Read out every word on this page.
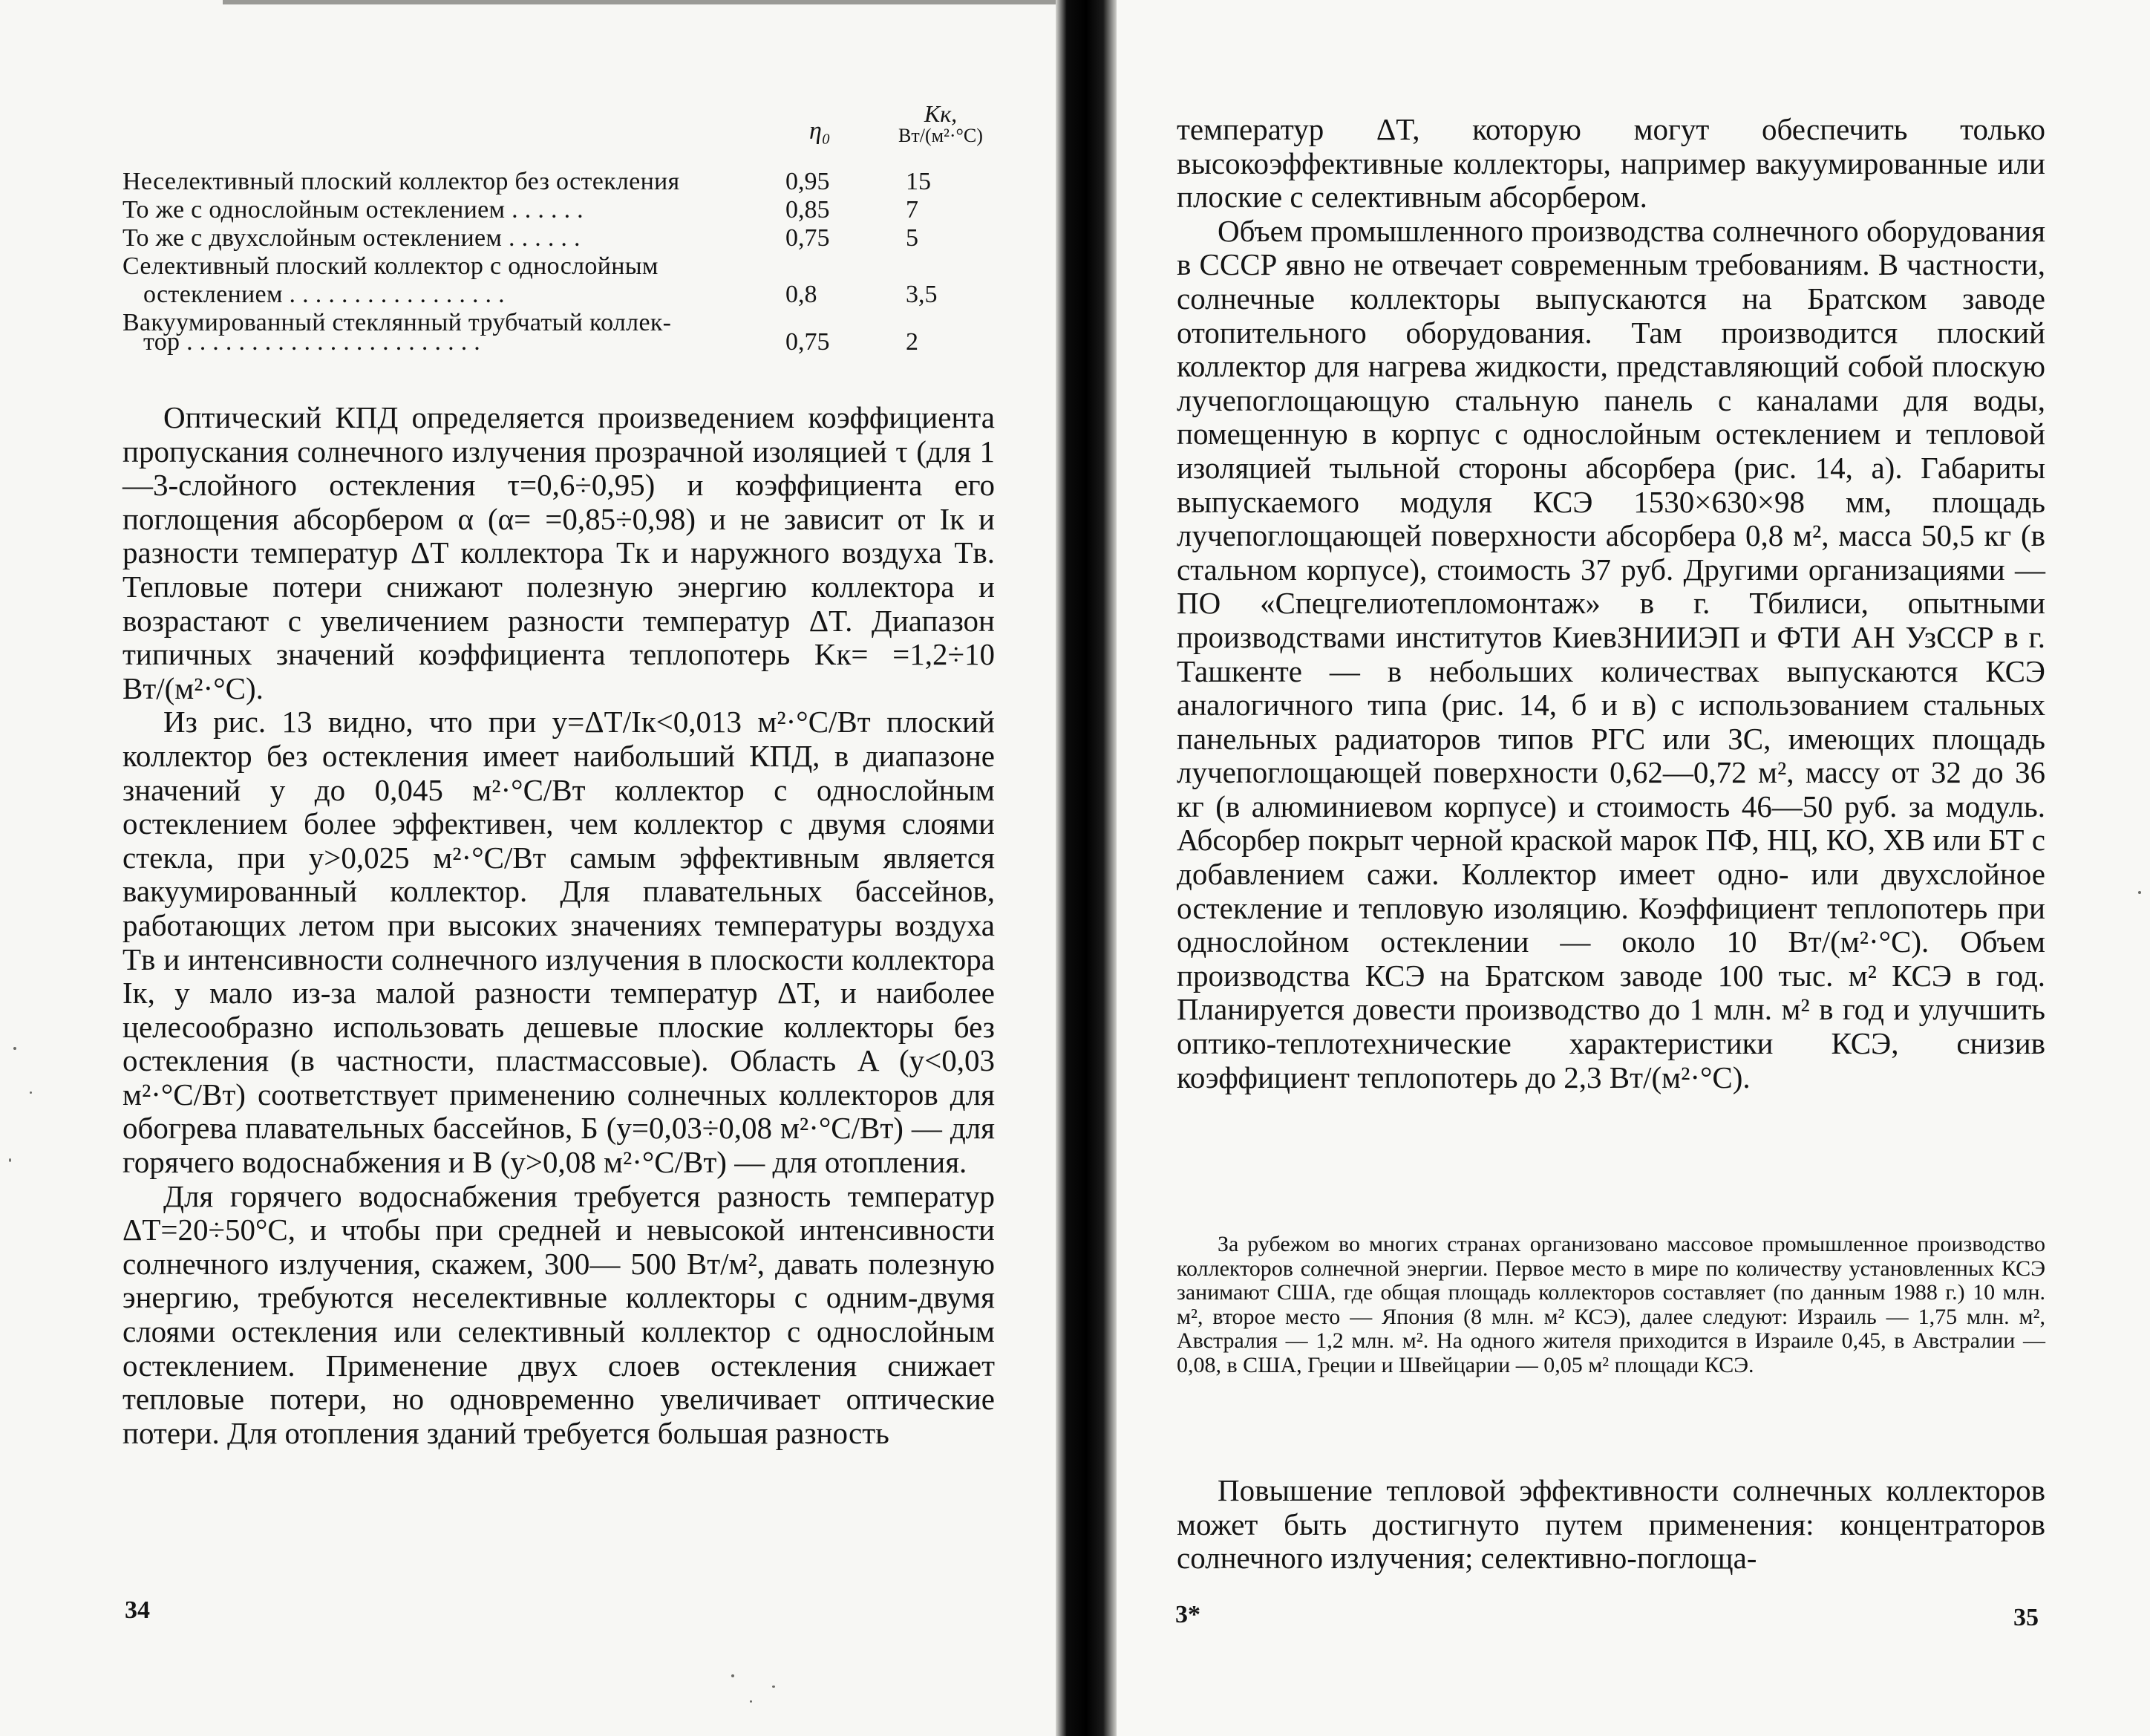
η₀
Kк,
Вт/(м²·°С)
Неселективный плоский коллектор без остекления	0,95	15
То же с однослойным остеклением . . . . . .	0,85	7
То же с двухслойным остеклением . . . . . .	0,75	5
Селективный плоский коллектор с однослойным
остеклением . . . . . . . . . . . . . . . . .	0,8	3,5
Вакуумированный стеклянный трубчатый коллек-
тор . . . . . . . . . . . . . . . . . . . . . . .	0,75	2

Оптический КПД определяется произведением коэффициента пропускания солнечного излучения прозрачной изоляцией τ (для 1—3-слойного остекления τ=0,6÷0,95) и коэффициента его поглощения абсорбером α (α= =0,85÷0,98) и не зависит от Iк и разности температур ΔT коллектора Tк и наружного воздуха Tв. Тепловые потери снижают полезную энергию коллектора и возрастают с увеличением разности температур ΔT. Диапазон типичных значений коэффициента теплопотерь Kк= =1,2÷10 Вт/(м²·°С).

Из рис. 13 видно, что при y=ΔT/Iк<0,013 м²·°С/Вт плоский коллектор без остекления имеет наибольший КПД, в диапазоне значений y до 0,045 м²·°С/Вт коллектор с однослойным остеклением более эффективен, чем коллектор с двумя слоями стекла, при y>0,025 м²·°С/Вт самым эффективным является вакуумированный коллектор. Для плавательных бассейнов, работающих летом при высоких значениях температуры воздуха Tв и интенсивности солнечного излучения в плоскости коллектора Iк, y мало из-за малой разности температур ΔT, и наиболее целесообразно использовать дешевые плоские коллекторы без остекления (в частности, пластмассовые). Область A (y<0,03 м²·°С/Вт) соответствует применению солнечных коллекторов для обогрева плавательных бассейнов, Б (y=0,03÷0,08 м²·°С/Вт) — для горячего водоснабжения и В (y>0,08 м²·°С/Вт) — для отопления.

Для горячего водоснабжения требуется разность температур ΔT=20÷50°С, и чтобы при средней и невысокой интенсивности солнечного излучения, скажем, 300— 500 Вт/м², давать полезную энергию, требуются неселективные коллекторы с одним-двумя слоями остекления или селективный коллектор с однослойным остеклением. Применение двух слоев остекления снижает тепловые потери, но одновременно увеличивает оптические потери. Для отопления зданий требуется большая разность

34

температур ΔT, которую могут обеспечить только высокоэффективные коллекторы, например вакуумированные или плоские с селективным абсорбером.

Объем промышленного производства солнечного оборудования в СССР явно не отвечает современным требованиям. В частности, солнечные коллекторы выпускаются на Братском заводе отопительного оборудования. Там производится плоский коллектор для нагрева жидкости, представляющий собой плоскую лучепоглощающую стальную панель с каналами для воды, помещенную в корпус с однослойным остеклением и тепловой изоляцией тыльной стороны абсорбера (рис. 14, а). Габариты выпускаемого модуля КСЭ 1530×630×98 мм, площадь лучепоглощающей поверхности абсорбера 0,8 м², масса 50,5 кг (в стальном корпусе), стоимость 37 руб. Другими организациями — ПО «Спецгелиотепломонтаж» в г. Тбилиси, опытными производствами институтов КиевЗНИИЭП и ФТИ АН УзССР в г. Ташкенте — в небольших количествах выпускаются КСЭ аналогичного типа (рис. 14, б и в) с использованием стальных панельных радиаторов типов РГС или ЗС, имеющих площадь лучепоглощающей поверхности 0,62—0,72 м², массу от 32 до 36 кг (в алюминиевом корпусе) и стоимость 46—50 руб. за модуль. Абсорбер покрыт черной краской марок ПФ, НЦ, КО, ХВ или БТ с добавлением сажи. Коллектор имеет одно- или двухслойное остекление и тепловую изоляцию. Коэффициент теплопотерь при однослойном остеклении — около 10 Вт/(м²·°С). Объем производства КСЭ на Братском заводе 100 тыс. м² КСЭ в год. Планируется довести производство до 1 млн. м² в год и улучшить оптико-теплотехнические характеристики КСЭ, снизив коэффициент теплопотерь до 2,3 Вт/(м²·°С).

За рубежом во многих странах организовано массовое промышленное производство коллекторов солнечной энергии. Первое место в мире по количеству установленных КСЭ занимают США, где общая площадь коллекторов составляет (по данным 1988 г.) 10 млн. м², второе место — Япония (8 млн. м² КСЭ), далее следуют: Израиль — 1,75 млн. м², Австралия — 1,2 млн. м². На одного жителя приходится в Израиле 0,45, в Австралии — 0,08, в США, Греции и Швейцарии — 0,05 м² площади КСЭ.

Повышение тепловой эффективности солнечных коллекторов может быть достигнуто путем применения: концентраторов солнечного излучения; селективно-поглоща-

3*	35
